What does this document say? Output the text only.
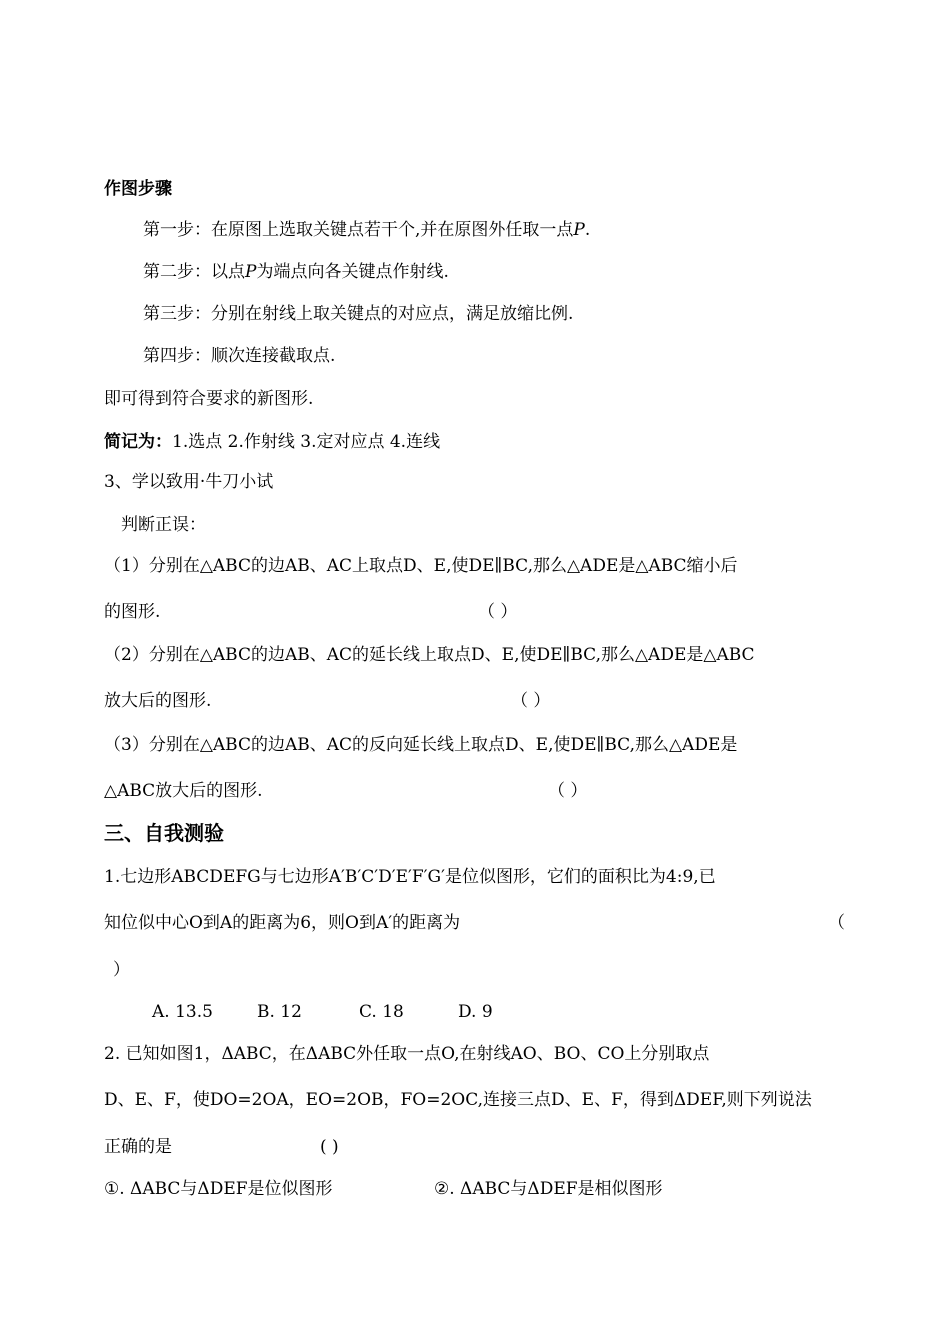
作图步骤
第一步：在原图上选取关键点若干个,并在原图外任取一点P.
第二步：以点P为端点向各关键点作射线.
第三步：分别在射线上取关键点的对应点，满足放缩比例.
第四步：顺次连接截取点.
即可得到符合要求的新图形.
简记为：1.选点 2.作射线 3.定对应点 4.连线
3、学以致用·牛刀小试
判断正误：
（1）分别在△ABC的边AB、AC上取点D、E,使DE∥BC,那么△ADE是△ABC缩小后
的图形.	（ ）
（2）分别在△ABC的边AB、AC的延长线上取点D、E,使DE∥BC,那么△ADE是△ABC
放大后的图形.	（ ）
（3）分别在△ABC的边AB、AC的反向延长线上取点D、E,使DE∥BC,那么△ADE是
△ABC放大后的图形.	（ ）
三、自我测验
1.七边形ABCDEFG与七边形A′B′C′D′E′F′G′是位似图形，它们的面积比为4:9,已
知位似中心O到A的距离为6，则O到A′的距离为	（
）
A. 13.5	B. 12	C. 18	D. 9
2. 已知如图1，ΔABC，在ΔABC外任取一点O,在射线AO、BO、CO上分别取点
D、E、F，使DO=2OA，EO=2OB，FO=2OC,连接三点D、E、F，得到ΔDEF,则下列说法
正确的是	( )
①. ΔABC与ΔDEF是位似图形	②. ΔABC与ΔDEF是相似图形
